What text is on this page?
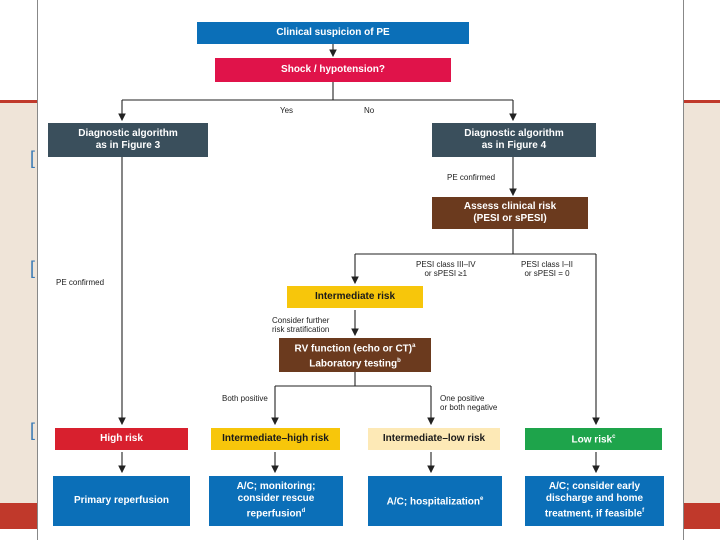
[
[
[
Clinical suspicion of PE
Shock / hypotension?
Yes	No
Diagnostic algorithm
as in Figure 3
Diagnostic algorithm
as in Figure 4
PE confirmed
Assess clinical risk
(PESI or sPESI)
PESI class III–IV
or sPESI ≥1
PESI class I–II
or sPESI = 0
PE confirmed
Intermediate risk
Consider further
risk stratification
RV function (echo or CT)$^a$
Laboratory testing$^b$
Both positive	One positive
or both negative
High risk	Intermediate–high risk	Intermediate–low risk	Low risk$^c$
Primary reperfusion
A/C; monitoring;
consider rescue
reperfusion$^d$
A/C; hospitalization$^e$
A/C; consider early
discharge and home
treatment, if feasible$^f$
